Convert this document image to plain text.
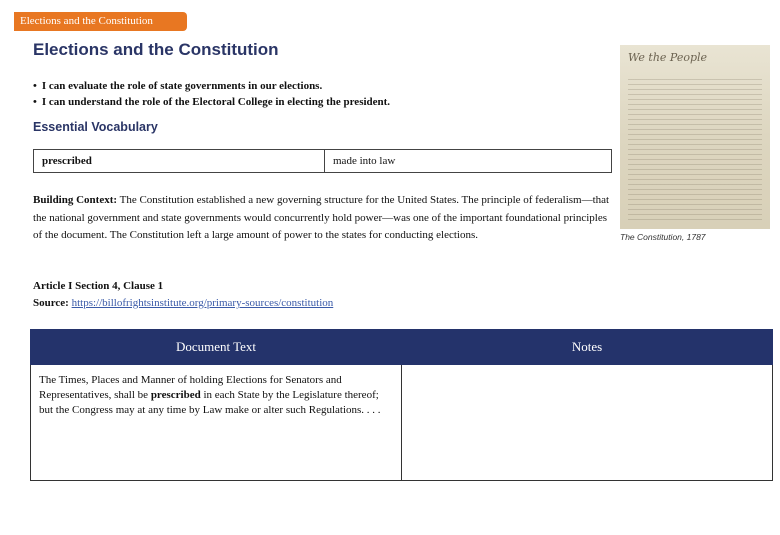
Elections and the Constitution
Elections and the Constitution
• I can evaluate the role of state governments in our elections.
• I can understand the role of the Electoral College in electing the president.
Essential Vocabulary
prescribed	made into law

Building Context: The Constitution established a new governing structure for the United States. The principle of federalism—that the national government and state governments would concurrently hold power—was one of the important foundational principles of the document. The Constitution left a large amount of power to the states for conducting elections.

Article I Section 4, Clause 1
Source: https://billofrightsinstitute.org/primary-sources/constitution
We the People
The Constitution, 1787
Document Text	Notes
The Times, Places and Manner of holding Elections for Senators and Representatives, shall be prescribed in each State by the Legislature thereof; but the Congress may at any time by Law make or alter such Regulations. . . .	
